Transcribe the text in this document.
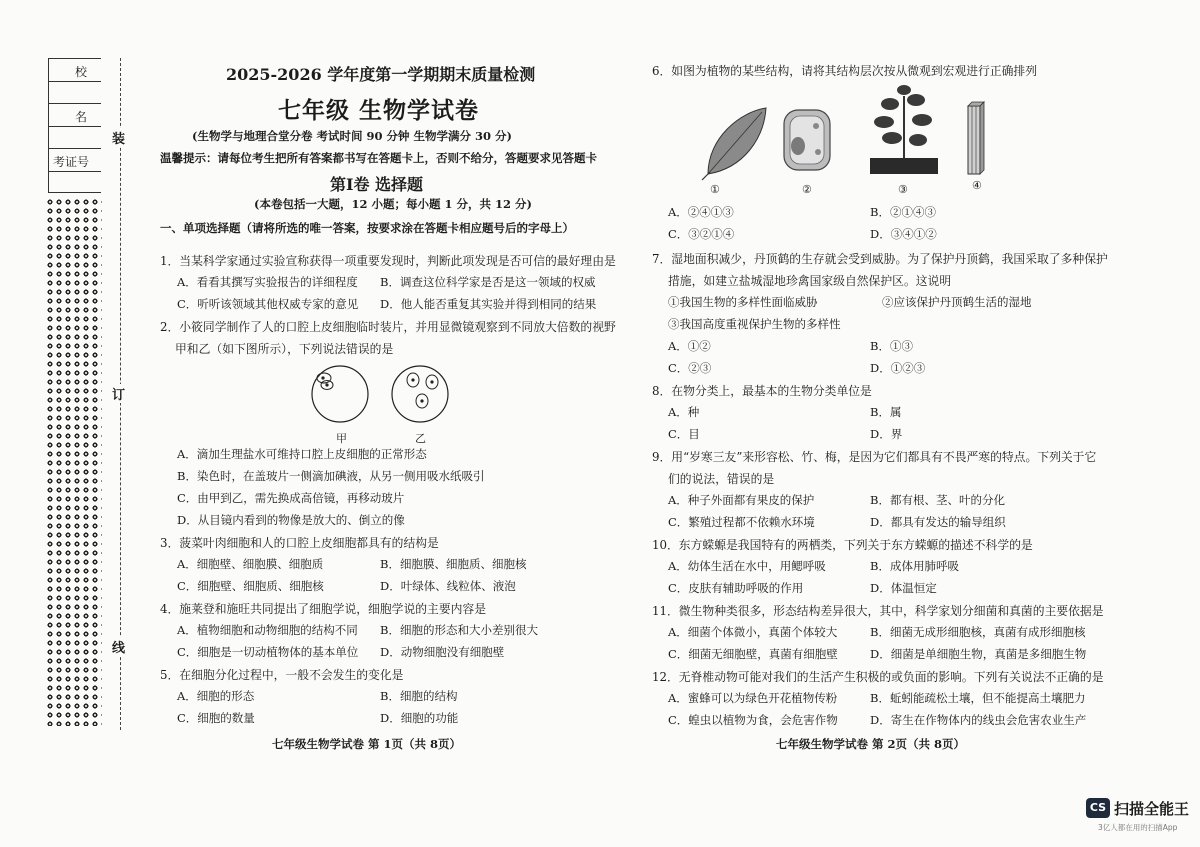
校
名
考证号
装
订
线
2025-2026 学年度第一学期期末质量检测
七年级 生物学试卷
(生物学与地理合堂分卷 考试时间 90 分钟 生物学满分 30 分)
温馨提示：请每位考生把所有答案都书写在答题卡上，否则不给分，答题要求见答题卡
第Ⅰ卷 选择题
(本卷包括一大题，12 小题；每小题 1 分，共 12 分)
一、单项选择题（请将所选的唯一答案，按要求涂在答题卡相应题号后的字母上）
1．当某科学家通过实验宣称获得一项重要发现时，判断此项发现是否可信的最好理由是
A．看看其撰写实验报告的详细程度 B．调查这位科学家是否是这一领域的权威
C．听听该领域其他权威专家的意见 D．他人能否重复其实验并得到相同的结果
2．小筱同学制作了人的口腔上皮细胞临时装片，并用显微镜观察到不同放大倍数的视野
甲和乙（如下图所示），下列说法错误的是
甲	乙
A．滴加生理盐水可维持口腔上皮细胞的正常形态
B．染色时，在盖玻片一侧滴加碘液，从另一侧用吸水纸吸引
C．由甲到乙，需先换成高倍镜，再移动玻片
D．从目镜内看到的物像是放大的、倒立的像
3．菠菜叶肉细胞和人的口腔上皮细胞都具有的结构是
A．细胞壁、细胞膜、细胞质	B．细胞膜、细胞质、细胞核
C．细胞壁、细胞质、细胞核	D．叶绿体、线粒体、液泡
4．施莱登和施旺共同提出了细胞学说，细胞学说的主要内容是
A．植物细胞和动物细胞的结构不同 B．细胞的形态和大小差别很大
C．细胞是一切动植物体的基本单位 D．动物细胞没有细胞壁
5．在细胞分化过程中，一般不会发生的变化是
A．细胞的形态	B．细胞的结构
C．细胞的数量	D．细胞的功能
七年级生物学试卷 第 1页（共 8页）
6．如图为植物的某些结构，请将其结构层次按从微观到宏观进行正确排列
①	②	③	④
A．②④①③	B．②①④③
C．③②①④	D．③④①②
7．湿地面积减少，丹顶鹤的生存就会受到威胁。为了保护丹顶鹤，我国采取了多种保护
措施，如建立盐城湿地珍禽国家级自然保护区。这说明
①我国生物的多样性面临威胁	②应该保护丹顶鹤生活的湿地
③我国高度重视保护生物的多样性
A．①②	B．①③
C．②③	D．①②③
8．在物分类上，最基本的生物分类单位是
A．种	B．属
C．目	D．界
9．用“岁寒三友”来形容松、竹、梅，是因为它们都具有不畏严寒的特点。下列关于它
们的说法，错误的是
A．种子外面都有果皮的保护	B．都有根、茎、叶的分化
C．繁殖过程都不依赖水环境	D．都具有发达的输导组织
10．东方蝾螈是我国特有的两栖类，下列关于东方蝾螈的描述不科学的是
A．幼体生活在水中，用鳃呼吸	B．成体用肺呼吸
C．皮肤有辅助呼吸的作用	D．体温恒定
11．微生物种类很多，形态结构差异很大，其中，科学家划分细菌和真菌的主要依据是
A．细菌个体微小，真菌个体较大	B．细菌无成形细胞核，真菌有成形细胞核
C．细菌无细胞壁，真菌有细胞壁	D．细菌是单细胞生物，真菌是多细胞生物
12．无脊椎动物可能对我们的生活产生积极的或负面的影响。下列有关说法不正确的是
A．蜜蜂可以为绿色开花植物传粉	B．蚯蚓能疏松土壤，但不能提高土壤肥力
C．蝗虫以植物为食，会危害作物	D．寄生在作物体内的线虫会危害农业生产
七年级生物学试卷 第 2页（共 8页）
CS 扫描全能王
3亿人都在用的扫描App
